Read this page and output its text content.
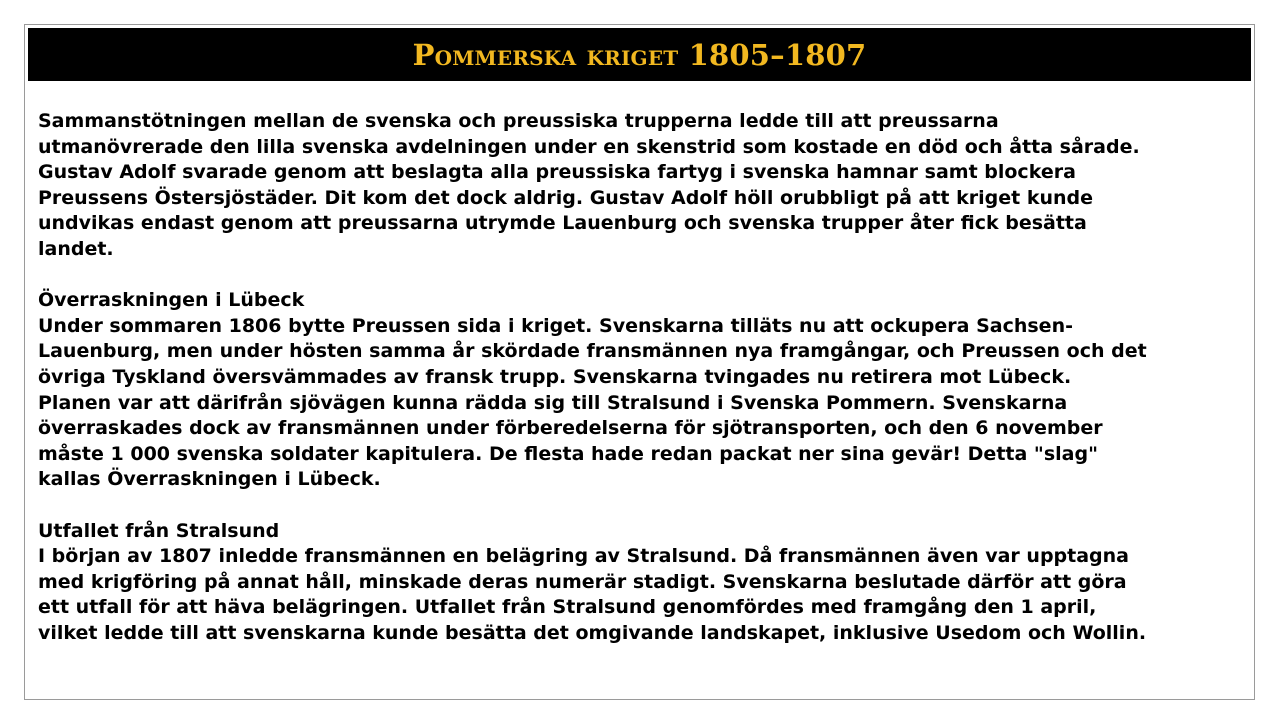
Pommerska kriget 1805–1807
Sammanstötningen mellan de svenska och preussiska trupperna ledde till att preussarna
utmanövrerade den lilla svenska avdelningen under en skenstrid som kostade en död och åtta sårade.
Gustav Adolf svarade genom att beslagta alla preussiska fartyg i svenska hamnar samt blockera
Preussens Östersjöstäder. Dit kom det dock aldrig. Gustav Adolf höll orubbligt på att kriget kunde
undvikas endast genom att preussarna utrymde Lauenburg och svenska trupper åter fick besätta
landet.
Överraskningen i Lübeck
Under sommaren 1806 bytte Preussen sida i kriget. Svenskarna tilläts nu att ockupera Sachsen-
Lauenburg, men under hösten samma år skördade fransmännen nya framgångar, och Preussen och det
övriga Tyskland översvämmades av fransk trupp. Svenskarna tvingades nu retirera mot Lübeck.
Planen var att därifrån sjövägen kunna rädda sig till Stralsund i Svenska Pommern. Svenskarna
överraskades dock av fransmännen under förberedelserna för sjötransporten, och den 6 november
måste 1 000 svenska soldater kapitulera. De flesta hade redan packat ner sina gevär! Detta "slag"
kallas Överraskningen i Lübeck.
Utfallet från Stralsund
I början av 1807 inledde fransmännen en belägring av Stralsund. Då fransmännen även var upptagna
med krigföring på annat håll, minskade deras numerär stadigt. Svenskarna beslutade därför att göra
ett utfall för att häva belägringen. Utfallet från Stralsund genomfördes med framgång den 1 april,
vilket ledde till att svenskarna kunde besätta det omgivande landskapet, inklusive Usedom och Wollin.
